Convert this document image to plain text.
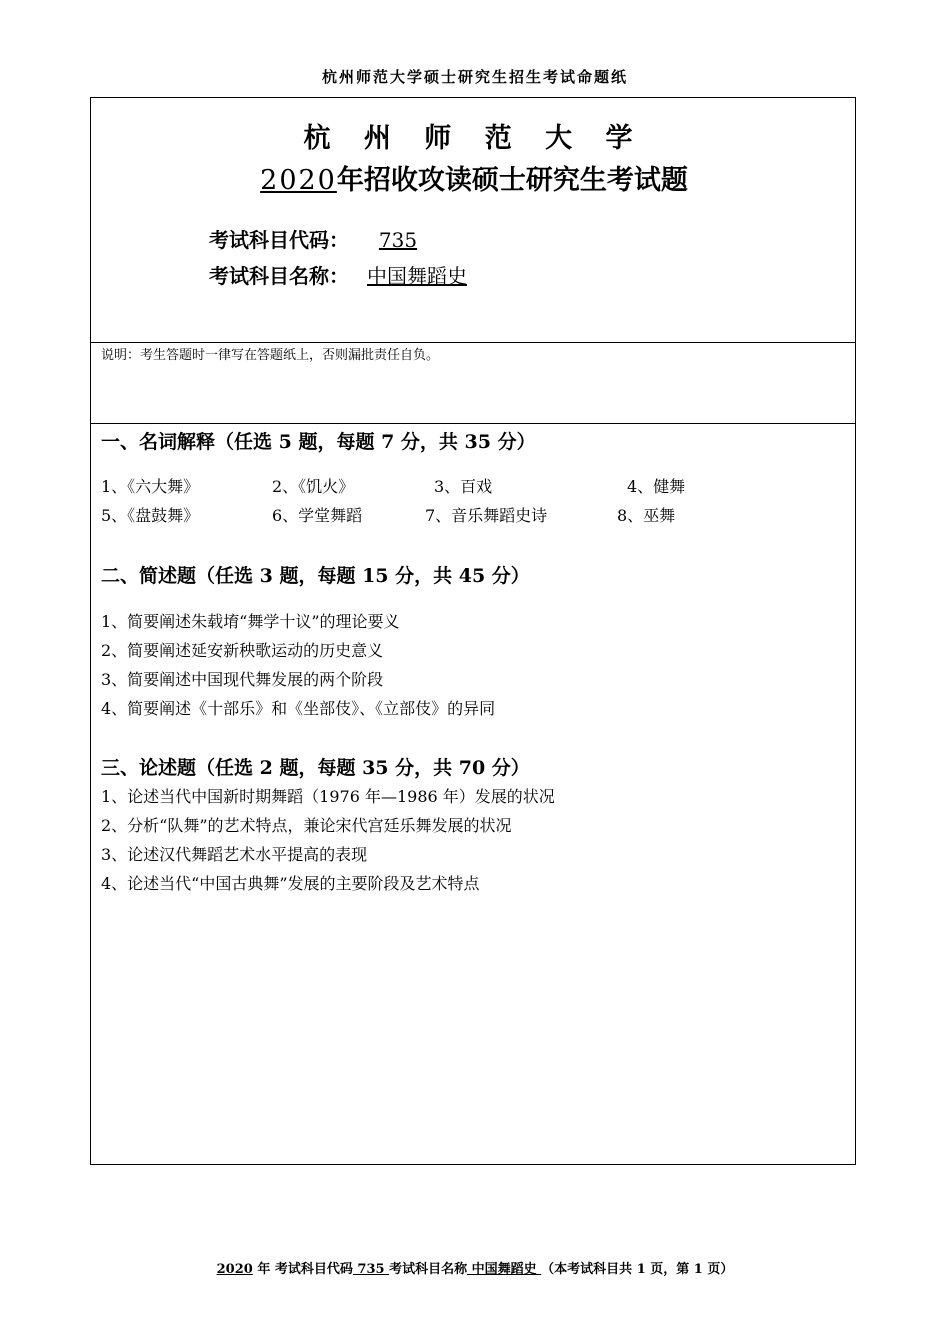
杭州师范大学硕士研究生招生考试命题纸
杭 州 师 范 大 学
2020年招收攻读硕士研究生考试题
考试科目代码： 735
考试科目名称： 中国舞蹈史
说明：考生答题时一律写在答题纸上，否则漏批责任自负。
一、名词解释（任选 5 题，每题 7 分，共 35 分）
1、《六大舞》	2、《饥火》	3、百戏	4、健舞
5、《盘鼓舞》	6、学堂舞蹈	7、音乐舞蹈史诗	8、巫舞
二、简述题（任选 3 题，每题 15 分，共 45 分）
1、简要阐述朱载堉“舞学十议”的理论要义
2、简要阐述延安新秧歌运动的历史意义
3、简要阐述中国现代舞发展的两个阶段
4、简要阐述《十部乐》和《坐部伎》、《立部伎》的异同
三、论述题（任选 2 题，每题 35 分，共 70 分）
1、论述当代中国新时期舞蹈（1976 年—1986 年）发展的状况
2、分析“队舞”的艺术特点，兼论宋代宫廷乐舞发展的状况
3、论述汉代舞蹈艺术水平提高的表现
4、论述当代“中国古典舞”发展的主要阶段及艺术特点
2020 年 考试科目代码 735 考试科目名称 中国舞蹈史 （本考试科目共 1 页，第 1 页）
